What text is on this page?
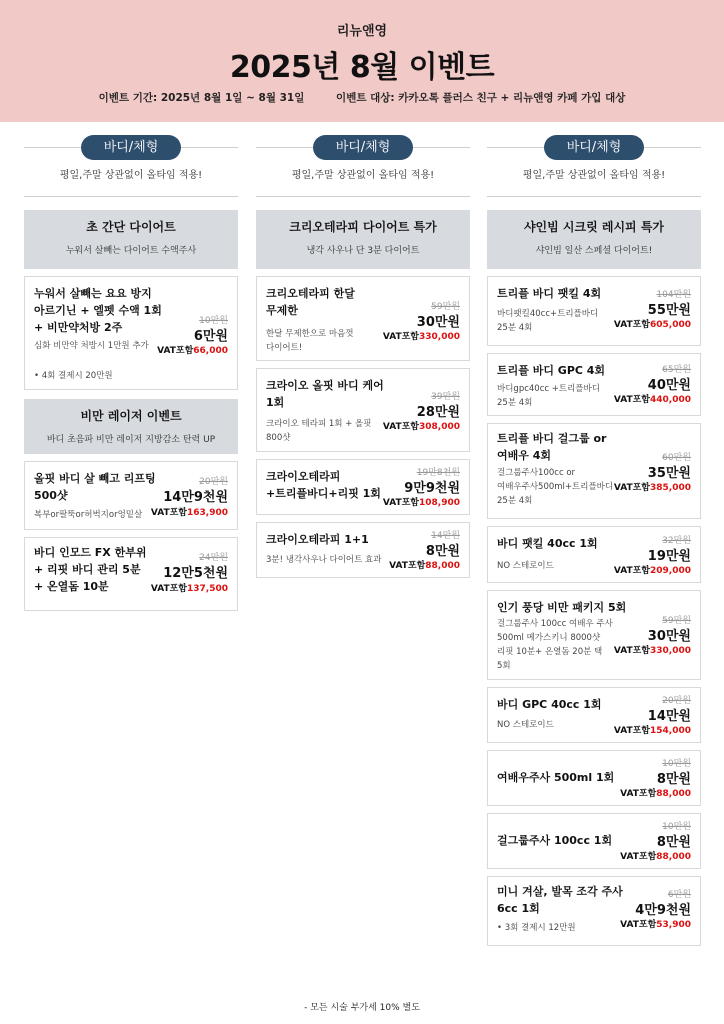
리뉴앤영
2025년 8월 이벤트
이벤트 기간: 2025년 8월 1일 ~ 8월 31일	이벤트 대상: 카카오톡 플러스 친구 + 리뉴앤영 카페 가입 대상
바디/체형
평일,주말 상관없이 올타임 적용!
초 간단 다이어트
누워서 살빼는 다이어트 수액주사
누워서 살빼는 요요 방지
아르기닌 + 엘펫 수액 1회
+ 비만약처방 2주
심화 비만약 처방시 1만원 추가
• 4회 결제시 20만원
10만원
6만원
VAT포함66,000
비만 레이저 이벤트
바디 초음파 비만 레이저 지방감소 탄력 UP
올핏 바디 살 빼고 리프팅
500샷
복부or팔뚝or허벅지or엉밑살
20만원
14만9천원
VAT포함163,900
바디 인모드 FX 한부위
+ 리핏 바디 관리 5분
+ 온열돔 10분
24만원
12만5천원
VAT포함137,500
바디/체형
평일,주말 상관없이 올타임 적용!
크리오테라피 다이어트 특가
냉각 사우나 단 3분 다이어트
크리오테라피 한달
무제한
한달 무제한으로 마음껏
다이어트!
59만원
30만원
VAT포함330,000
크라이오 올핏 바디 케어
1회
크라이오 테라피 1회 + 올핏
800샷
39만원
28만원
VAT포함308,000
크라이오테라피
+트리플바디+리핏 1회
19만8천원
9만9천원
VAT포함108,900
크라이오테라피 1+1
3분! 냉각사우나 다이어트 효과
14만원
8만원
VAT포함88,000
바디/체형
평일,주말 상관없이 올타임 적용!
샤인빔 시크릿 레시피 특가
샤인빔 일산 스페셜 다이어트!
트리플 바디 팻킬 4회
바디팻킬40cc+트리플바디
25분 4회
104만원
55만원
VAT포함605,000
트리플 바디 GPC 4회
바디gpc40cc +트리플바디
25분 4회
65만원
40만원
VAT포함440,000
트리플 바디 걸그룹 or
여배우 4회
걸그룹주사100cc or
여배우주사500ml+트리플바디
25분 4회
60만원
35만원
VAT포함385,000
바디 팻킬 40cc 1회
NO 스테로이드
32만원
19만원
VAT포함209,000
인기 풍당 비만 패키지 5회
걸그룹주사 100cc 여배우 주사
500ml 메가스키니 8000샷
리핏 10분+ 온열돔 20분 택
5회
59만원
30만원
VAT포함330,000
바디 GPC 40cc 1회
NO 스테로이드
20만원
14만원
VAT포함154,000
여배우주사 500ml 1회
10만원
8만원
VAT포함88,000
걸그룹주사 100cc 1회
10만원
8만원
VAT포함88,000
미니 겨살, 발목 조각 주사
6cc 1회
• 3회 결제시 12만원
6만원
4만9천원
VAT포함53,900
- 모든 시술 부가세 10% 별도
